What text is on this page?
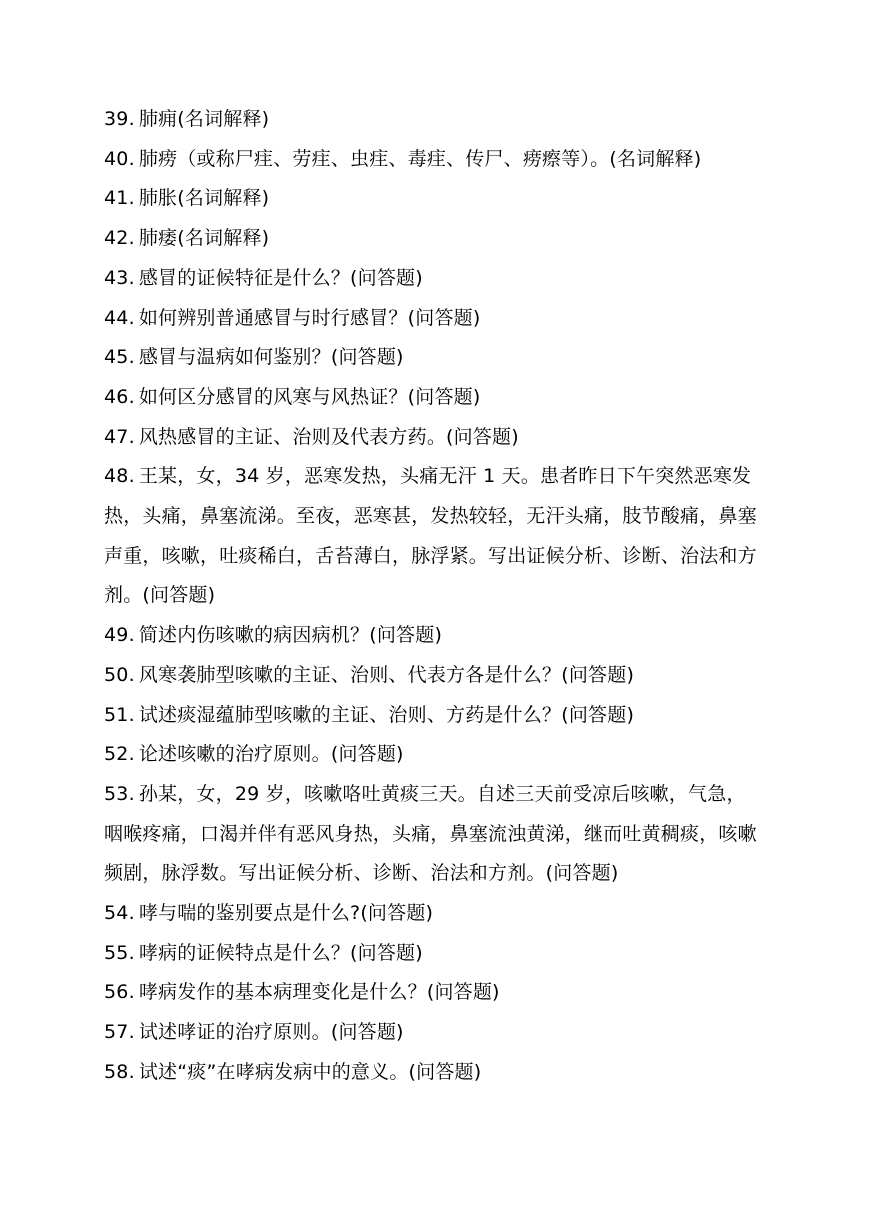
39. 肺痈(名词解释)

40. 肺痨（或称尸疰、劳疰、虫疰、毒疰、传尸、痨瘵等）。(名词解释)

41. 肺胀(名词解释)

42. 肺痿(名词解释)

43. 感冒的证候特征是什么？(问答题)

44. 如何辨别普通感冒与时行感冒？(问答题)

45. 感冒与温病如何鉴别？(问答题)

46. 如何区分感冒的风寒与风热证？(问答题)

47. 风热感冒的主证、治则及代表方药。(问答题)

48. 王某，女，34 岁，恶寒发热，头痛无汗 1 天。患者昨日下午突然恶寒发热，头痛，鼻塞流涕。至夜，恶寒甚，发热较轻，无汗头痛，肢节酸痛，鼻塞声重，咳嗽，吐痰稀白，舌苔薄白，脉浮紧。写出证候分析、诊断、治法和方剂。(问答题)

49. 简述内伤咳嗽的病因病机？(问答题)

50. 风寒袭肺型咳嗽的主证、治则、代表方各是什么？(问答题)

51. 试述痰湿蕴肺型咳嗽的主证、治则、方药是什么？(问答题)

52. 论述咳嗽的治疗原则。(问答题)

53. 孙某，女，29 岁，咳嗽咯吐黄痰三天。自述三天前受凉后咳嗽，气急，咽喉疼痛，口渴并伴有恶风身热，头痛，鼻塞流浊黄涕，继而吐黄稠痰，咳嗽频剧，脉浮数。写出证候分析、诊断、治法和方剂。(问答题)

54. 哮与喘的鉴别要点是什么?(问答题)

55. 哮病的证候特点是什么？(问答题)

56. 哮病发作的基本病理变化是什么？(问答题)

57. 试述哮证的治疗原则。(问答题)

58. 试述“痰”在哮病发病中的意义。(问答题)
